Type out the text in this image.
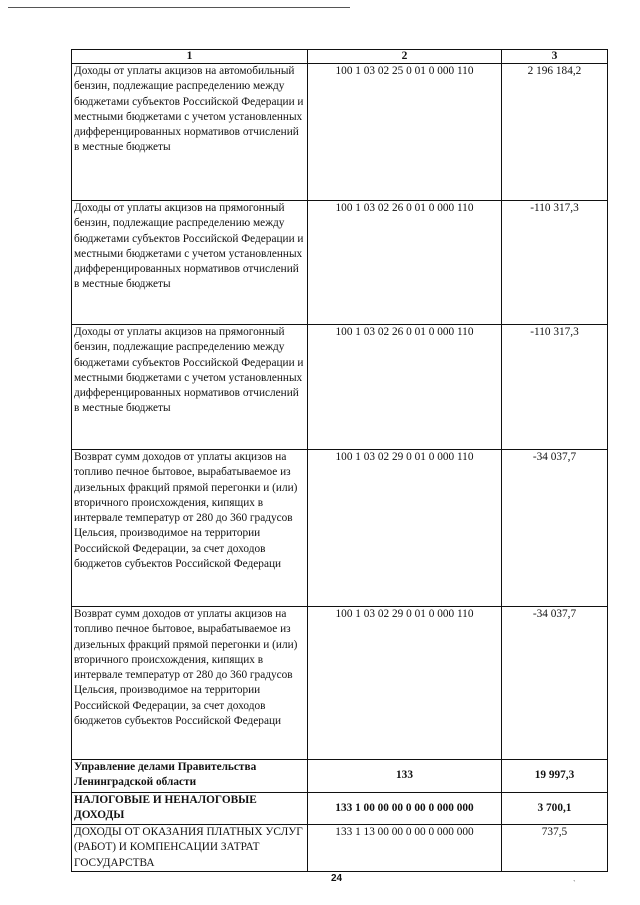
1	2	3
Доходы от уплаты акцизов на автомобильный бензин, подлежащие распределению между бюджетами субъектов Российской Федерации и местными бюджетами с учетом установленных дифференцированных нормативов отчислений в местные бюджеты	100 1 03 02 25 0 01 0 000 110	2 196 184,2
Доходы от уплаты акцизов на прямогонный бензин, подлежащие распределению между бюджетами субъектов Российской Федерации и местными бюджетами с учетом установленных дифференцированных нормативов отчислений в местные бюджеты	100 1 03 02 26 0 01 0 000 110	-110 317,3
Доходы от уплаты акцизов на прямогонный бензин, подлежащие распределению между бюджетами субъектов Российской Федерации и местными бюджетами с учетом установленных дифференцированных нормативов отчислений в местные бюджеты	100 1 03 02 26 0 01 0 000 110	-110 317,3
Возврат сумм доходов от уплаты акцизов на топливо печное бытовое, вырабатываемое из дизельных фракций прямой перегонки и (или) вторичного происхождения, кипящих в интервале температур от 280 до 360 градусов Цельсия, производимое на территории Российской Федерации, за счет доходов бюджетов субъектов Российской Федераци	100 1 03 02 29 0 01 0 000 110	-34 037,7
Возврат сумм доходов от уплаты акцизов на топливо печное бытовое, вырабатываемое из дизельных фракций прямой перегонки и (или) вторичного происхождения, кипящих в интервале температур от 280 до 360 градусов Цельсия, производимое на территории Российской Федерации, за счет доходов бюджетов субъектов Российской Федераци	100 1 03 02 29 0 01 0 000 110	-34 037,7
Управление делами Правительства Ленинградской области	133	19 997,3
НАЛОГОВЫЕ И НЕНАЛОГОВЫЕ ДОХОДЫ	133 1 00 00 00 0 00 0 000 000	3 700,1
ДОХОДЫ ОТ ОКАЗАНИЯ ПЛАТНЫХ УСЛУГ (РАБОТ) И КОМПЕНСАЦИИ ЗАТРАТ ГОСУДАРСТВА	133 1 13 00 00 0 00 0 000 000	737,5
24	`
